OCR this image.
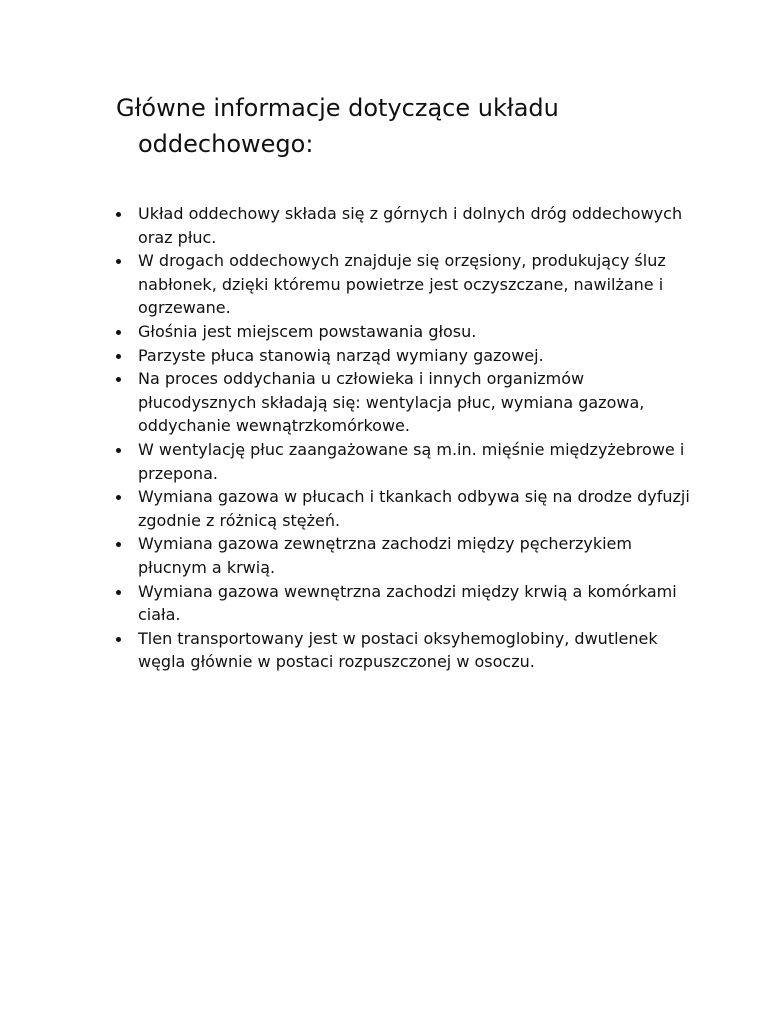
Główne informacje dotyczące układu oddechowego:
Układ oddechowy składa się z górnych i dolnych dróg oddechowych oraz płuc.
W drogach oddechowych znajduje się orzęsiony, produkujący śluz nabłonek, dzięki któremu powietrze jest oczyszczane, nawilżane i ogrzewane.
Głośnia jest miejscem powstawania głosu.
Parzyste płuca stanowią narząd wymiany gazowej.
Na proces oddychania u człowieka i innych organizmów płucodysznych składają się: wentylacja płuc, wymiana gazowa, oddychanie wewnątrzkomórkowe.
W wentylację płuc zaangażowane są m.in. mięśnie międzyżebrowe i przepona.
Wymiana gazowa w płucach i tkankach odbywa się na drodze dyfuzji zgodnie z różnicą stężeń.
Wymiana gazowa zewnętrzna zachodzi między pęcherzykiem płucnym a krwią.
Wymiana gazowa wewnętrzna zachodzi między krwią a komórkami ciała.
Tlen transportowany jest w postaci oksyhemoglobiny, dwutlenek węgla głównie w postaci rozpuszczonej w osoczu.
